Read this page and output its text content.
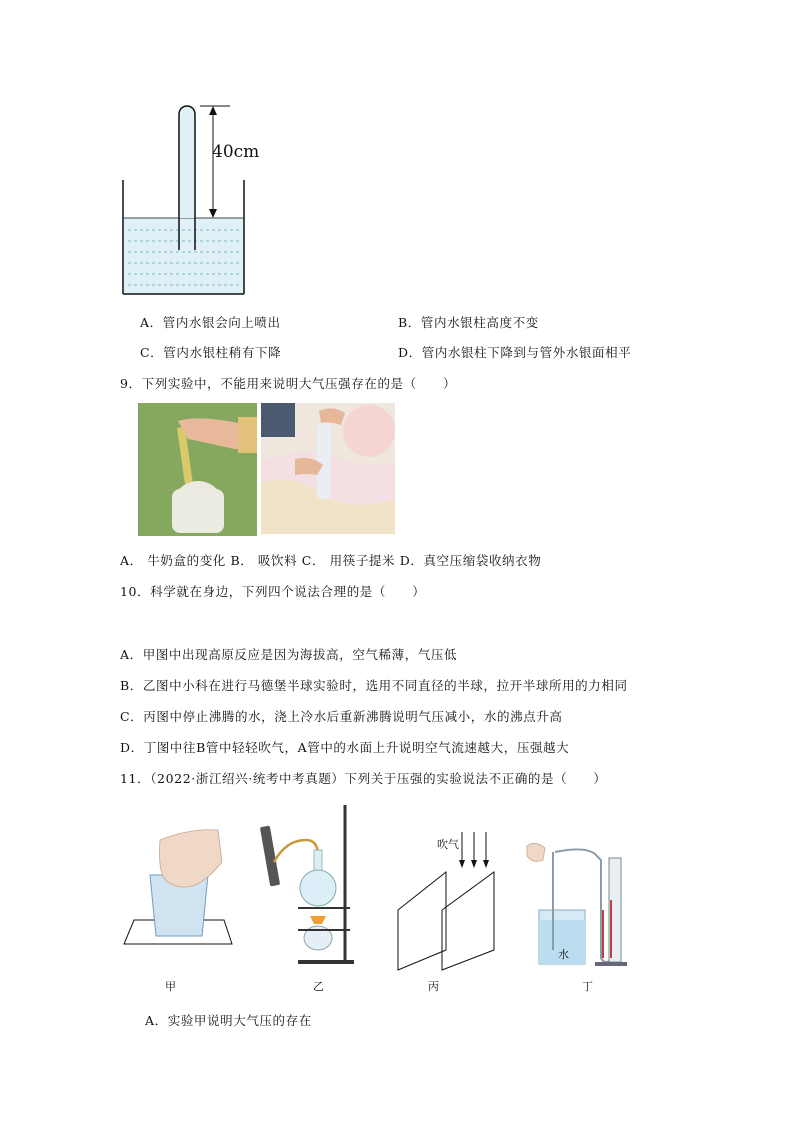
40cm
A．管内水银会向上喷出	B．管内水银柱高度不变
C．管内水银柱稍有下降	D．管内水银柱下降到与管外水银面相平
9．下列实验中，不能用来说明大气压强存在的是（　　）
A． 牛奶盒的变化 B． 吸饮料 C． 用筷子提米 D．真空压缩袋收纳衣物
10．科学就在身边，下列四个说法合理的是（　　）
A．甲图中出现高原反应是因为海拔高，空气稀薄，气压低
B．乙图中小科在进行马德堡半球实验时，选用不同直径的半球，拉开半球所用的力相同
C．丙图中停止沸腾的水，浇上冷水后重新沸腾说明气压减小，水的沸点升高
D．丁图中往B管中轻轻吹气，A管中的水面上升说明空气流速越大，压强越大
11．（2022·浙江绍兴·统考中考真题）下列关于压强的实验说法不正确的是（　　）
甲	乙
吹气
丙
水
丁
A．实验甲说明大气压的存在
